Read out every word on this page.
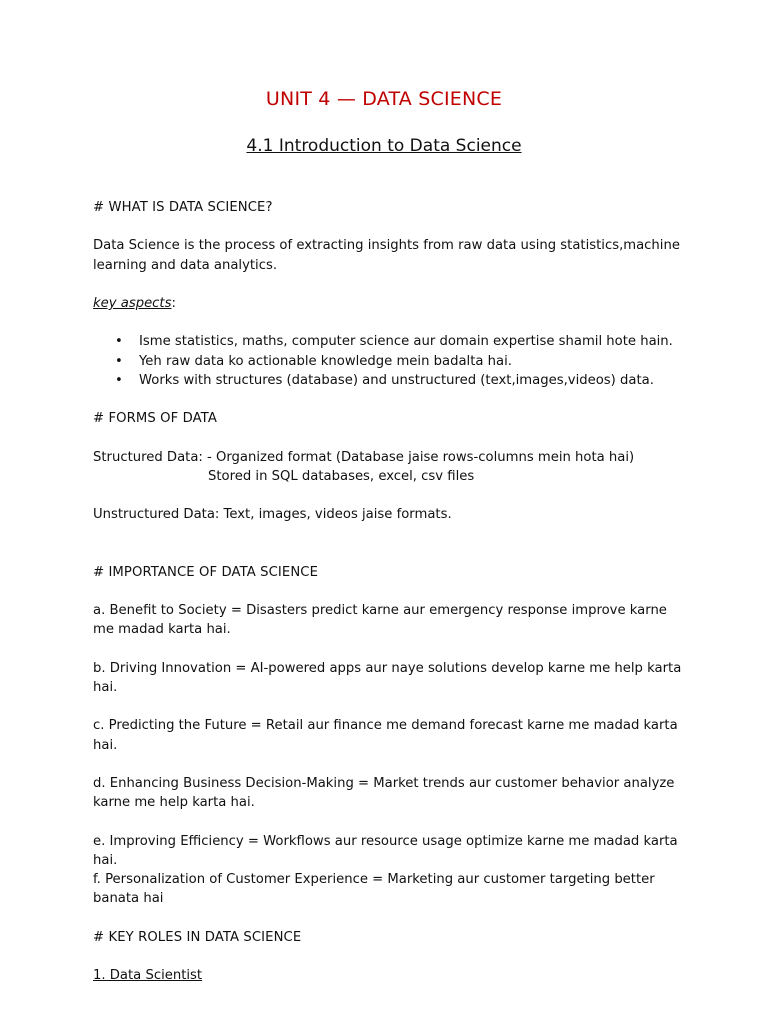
UNIT 4 — DATA SCIENCE
4.1 Introduction to Data Science

# WHAT IS DATA SCIENCE?

Data Science is the process of extracting insights from raw data using statistics,machine learning and data analytics.

key aspects:

• Isme statistics, maths, computer science aur domain expertise shamil hote hain.
• Yeh raw data ko actionable knowledge mein badalta hai.
• Works with structures (database) and unstructured (text,images,videos) data.

# FORMS OF DATA

Structured Data: - Organized format (Database jaise rows-columns mein hota hai)

Stored in SQL databases, excel, csv files

Unstructured Data: Text, images, videos jaise formats.

# IMPORTANCE OF DATA SCIENCE

a. Benefit to Society = Disasters predict karne aur emergency response improve karne me madad karta hai.

b. Driving Innovation = AI-powered apps aur naye solutions develop karne me help karta hai.

c. Predicting the Future = Retail aur finance me demand forecast karne me madad karta hai.

d. Enhancing Business Decision-Making = Market trends aur customer behavior analyze karne me help karta hai.

e. Improving Efficiency = Workflows aur resource usage optimize karne me madad karta hai.

f. Personalization of Customer Experience = Marketing aur customer targeting better banata hai

# KEY ROLES IN DATA SCIENCE

1. Data Scientist
